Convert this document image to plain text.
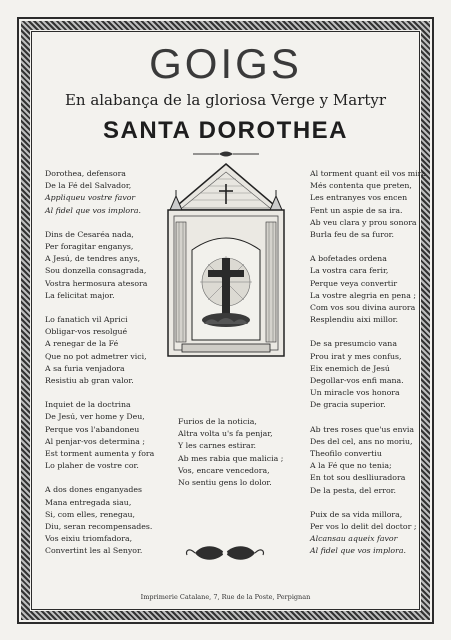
GOIGS
En alabança de la gloriosa Verge y Martyr
SANTA DOROTHEA
Dorothea, defensora
De la Fé del Salvador,
Appliqueu vostre favor
Al fidel que vos implora.
Dins de Cesaréa nada,
Per foragitar enganys,
A Jesú, de tendres anys,
Sou donzella consagrada,
Vostra hermosura atesora
La felicitat major.
Lo fanatich vil Aprici
Obligar-vos resolgué
A renegar de la Fé
Que no pot admetrer vici,
A sa furia venjadora
Resistiu ab gran valor.
Inquiet de la doctrina
De Jesú, ver home y Deu,
Perque vos l'abandoneu
Al penjar-vos determina ;
Est torment aumenta y fora
Lo plaher de vostre cor.
A dos dones enganyades
Mana entregada siau,
Si, com elles, renegau,
Diu, seran recompensades.
Vos eixiu triomfadora,
Convertint les al Senyor.
Furios de la noticia,
Altra volta u's fa penjar,
Y les carnes estirar.
Ab mes rabia que malicia ;
Vos, encare vencedora,
No sentiu gens lo dolor.
Al torment quant eil vos mira
Més contenta que preten,
Les entranyes vos encen
Fent un aspie de sa ira.
Ab veu clara y prou sonora
Burla feu de sa furor.
A bofetades ordena
La vostra cara ferir,
Perque veya convertir
La vostre alegria en pena ;
Com vos sou divina aurora
Resplendiu aixi millor.
De sa presumcio vana
Prou irat y mes confus,
Eix enemich de Jesú
Degollar-vos enfi mana.
Un miracle vos honora
De gracia superior.
Ab tres roses que'us envia
Des del cel, ans no moriu,
Theofilo convertiu
A la Fé que no tenia;
En tot sou deslliuradora
De la pesta, del error.
Puix de sa vida millora,
Per vos lo delit del doctor ;
Alcansau aqueix favor
Al fidel que vos implora.
Imprimerie Catalane, 7, Rue de la Poste, Perpignan
